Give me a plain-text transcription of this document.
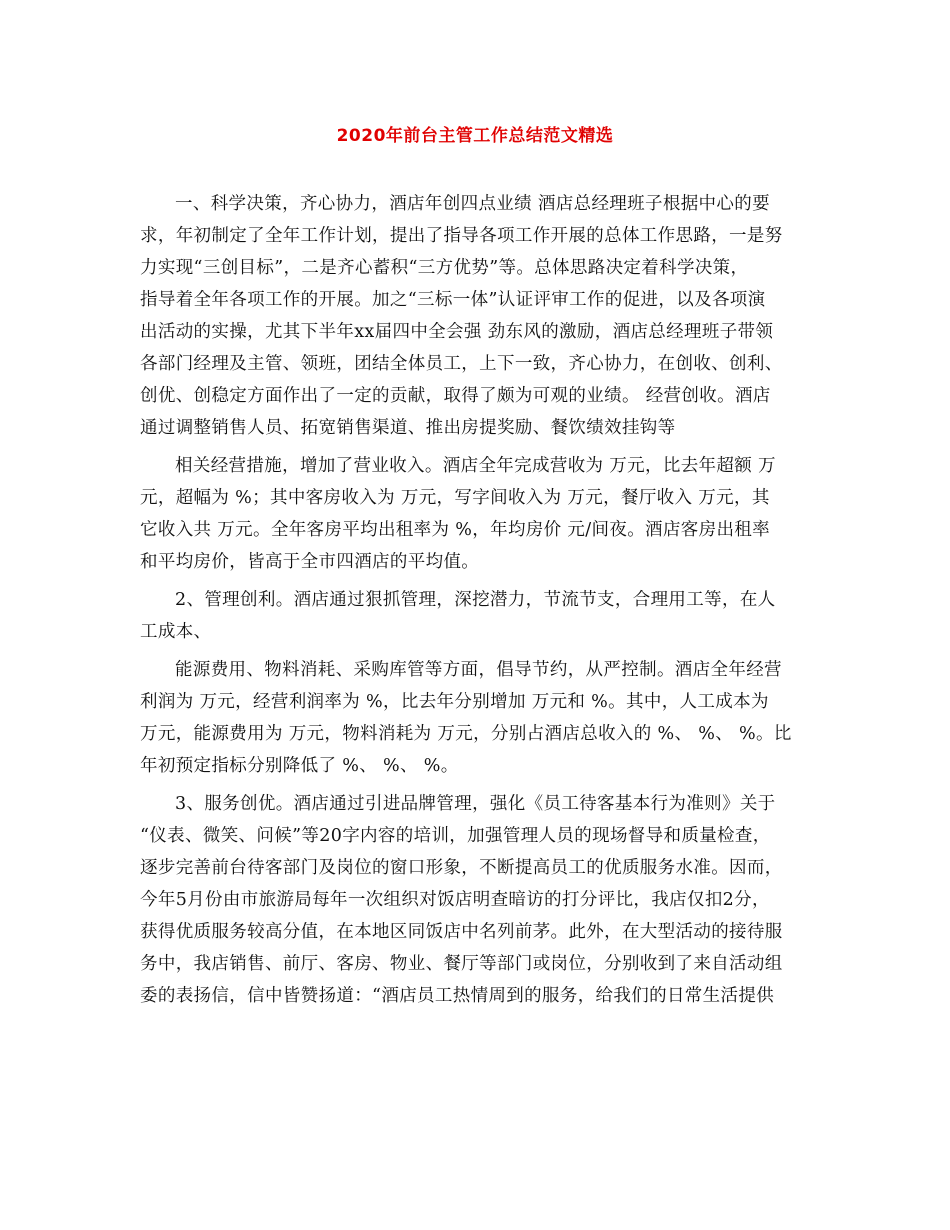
2020年前台主管工作总结范文精选
一、科学决策，齐心协力，酒店年创四点业绩 酒店总经理班子根据中心的要
求，年初制定了全年工作计划，提出了指导各项工作开展的总体工作思路，一是努
力实现“三创目标”，二是齐心蓄积“三方优势”等。总体思路决定着科学决策，
指导着全年各项工作的开展。加之“三标一体”认证评审工作的促进，以及各项演
出活动的实操，尤其下半年xx届四中全会强 劲东风的激励，酒店总经理班子带领
各部门经理及主管、领班，团结全体员工，上下一致，齐心协力，在创收、创利、
创优、创稳定方面作出了一定的贡献，取得了颇为可观的业绩。 经营创收。酒店
通过调整销售人员、拓宽销售渠道、推出房提奖励、餐饮绩效挂钩等
相关经营措施，增加了营业收入。酒店全年完成营收为 万元，比去年超额 万
元，超幅为 %；其中客房收入为 万元，写字间收入为 万元，餐厅收入 万元，其
它收入共 万元。全年客房平均出租率为 %，年均房价 元/间夜。酒店客房出租率
和平均房价，皆高于全市四酒店的平均值。
2、管理创利。酒店通过狠抓管理，深挖潜力，节流节支，合理用工等，在人
工成本、
能源费用、物料消耗、采购库管等方面，倡导节约，从严控制。酒店全年经营
利润为 万元，经营利润率为 %，比去年分别增加 万元和 %。其中，人工成本为
万元，能源费用为 万元，物料消耗为 万元，分别占酒店总收入的 %、 %、 %。比
年初预定指标分别降低了 %、 %、 %。
3、服务创优。酒店通过引进品牌管理，强化《员工待客基本行为准则》关于
“仪表、微笑、问候”等20字内容的培训，加强管理人员的现场督导和质量检查，
逐步完善前台待客部门及岗位的窗口形象，不断提高员工的优质服务水准。因而，
今年5月份由市旅游局每年一次组织对饭店明查暗访的打分评比，我店仅扣2分，
获得优质服务较高分值，在本地区同饭店中名列前茅。此外，在大型活动的接待服
务中，我店销售、前厅、客房、物业、餐厅等部门或岗位，分别收到了来自活动组
委的表扬信，信中皆赞扬道：“酒店员工热情周到的服务，给我们的日常生活提供
